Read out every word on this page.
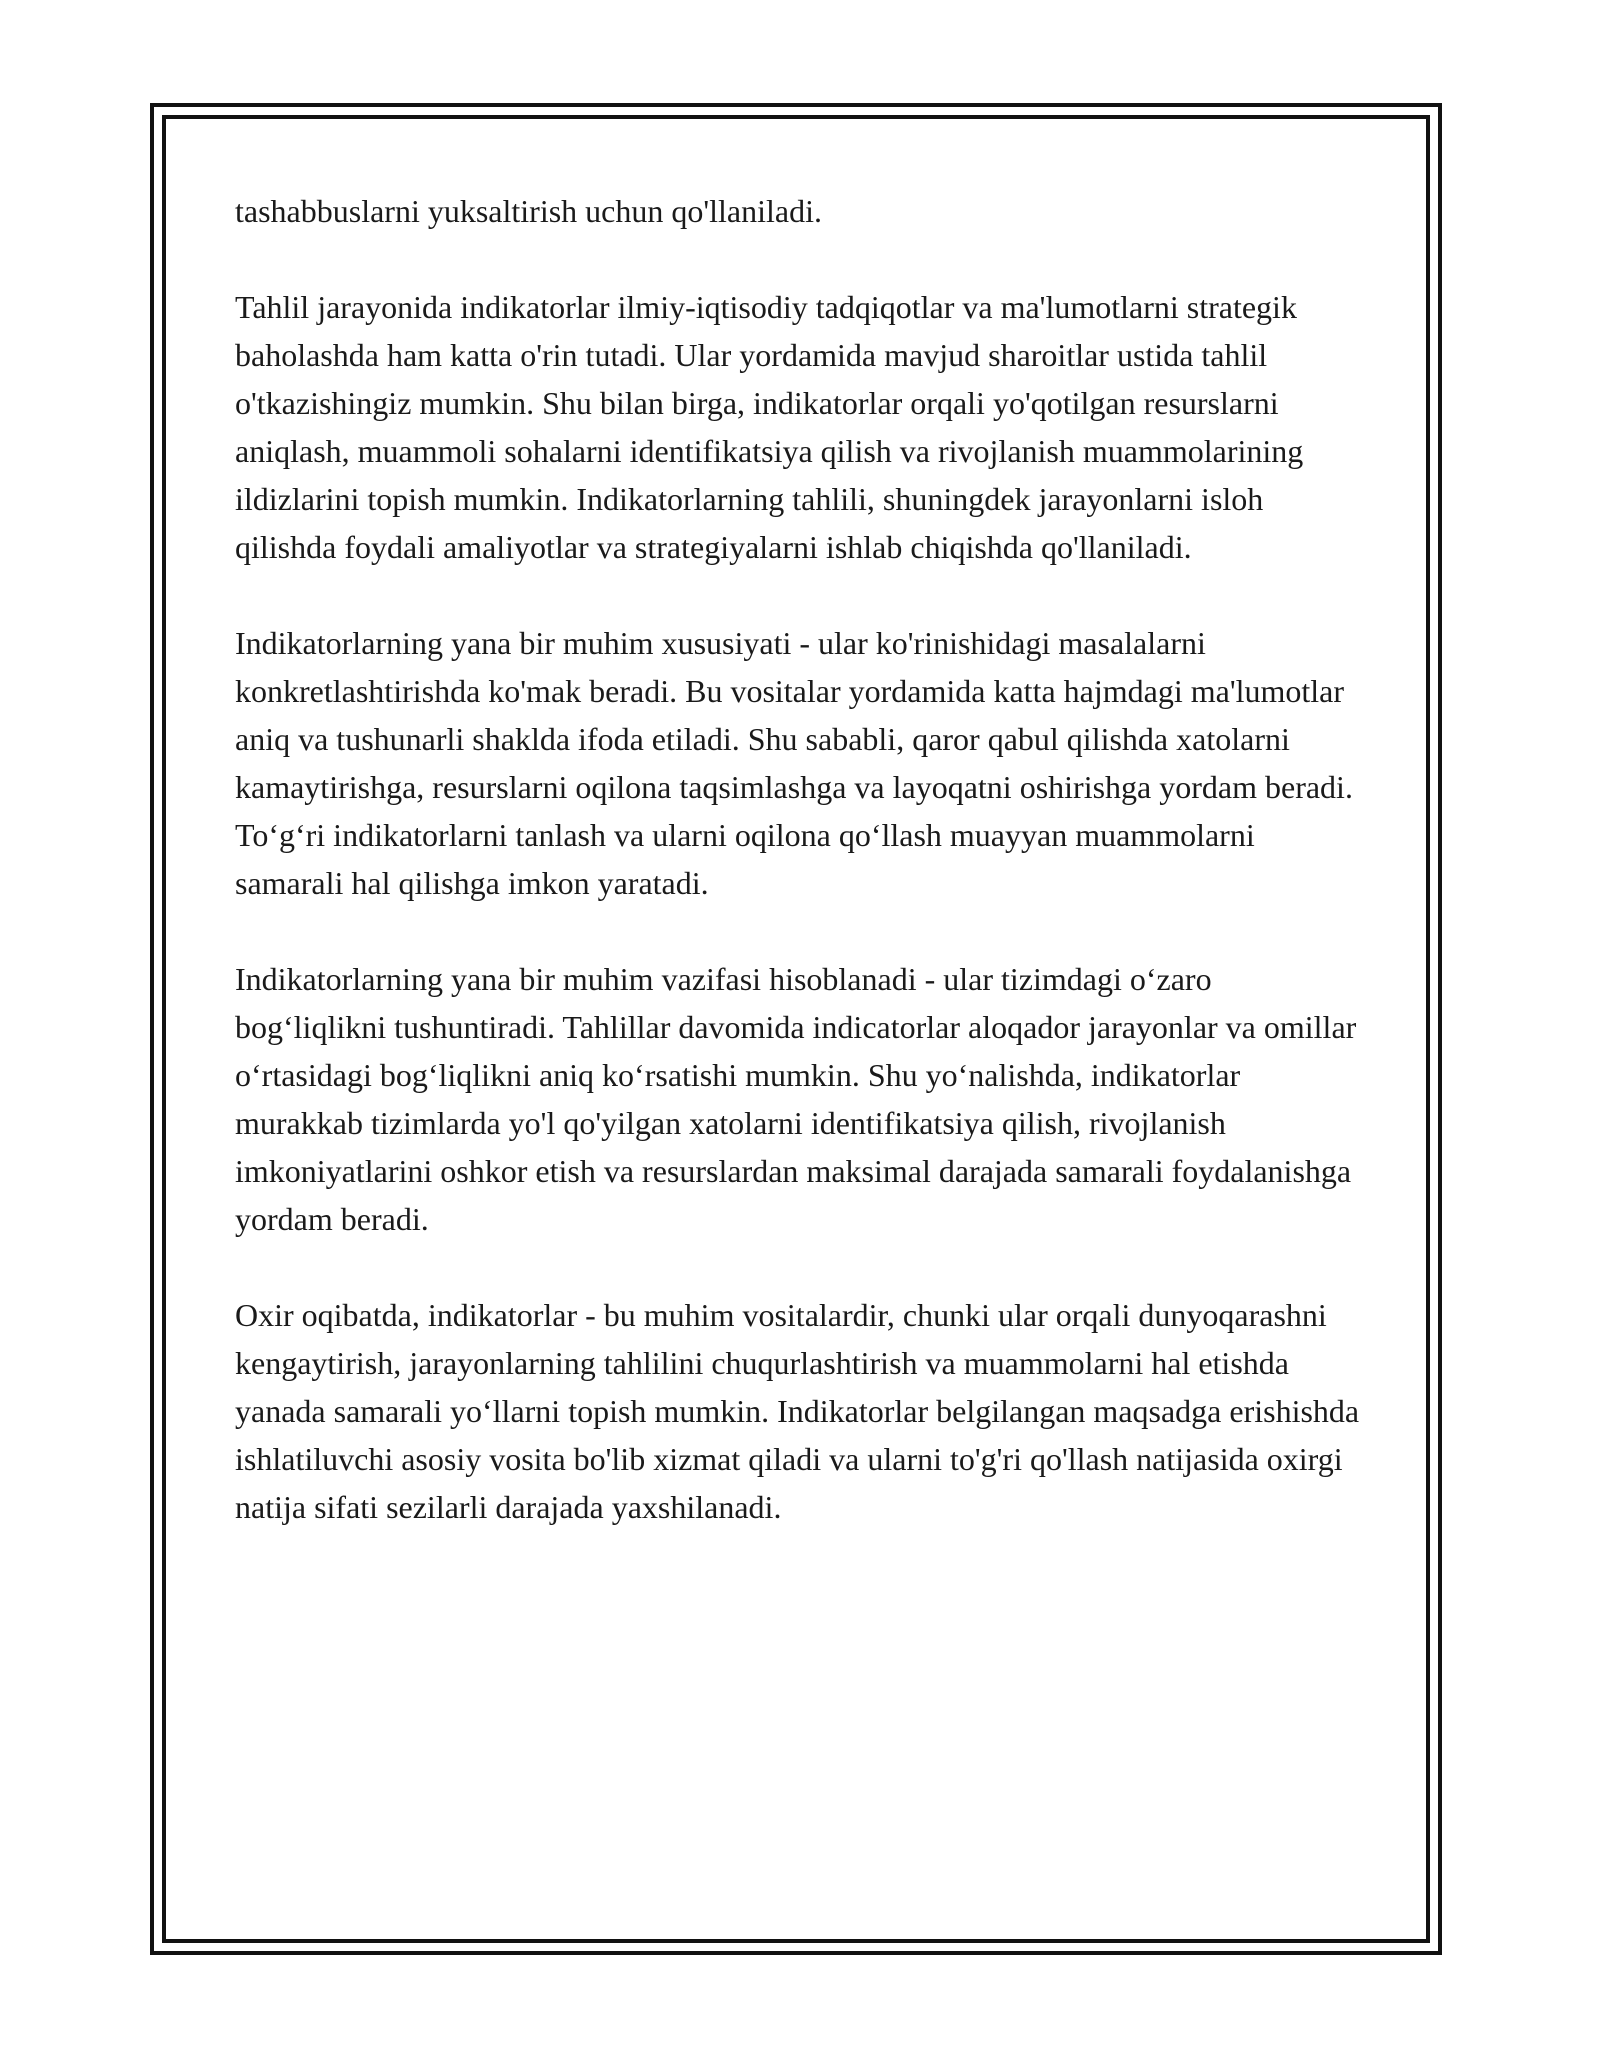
tashabbuslarni yuksaltirish uchun qo'llaniladi.

Tahlil jarayonida indikatorlar ilmiy-iqtisodiy tadqiqotlar va ma'lumotlarni strategik baholashda ham katta o'rin tutadi. Ular yordamida mavjud sharoitlar ustida tahlil o'tkazishingiz mumkin. Shu bilan birga, indikatorlar orqali yo'qotilgan resurslarni aniqlash, muammoli sohalarni identifikatsiya qilish va rivojlanish muammolarining ildizlarini topish mumkin. Indikatorlarning tahlili, shuningdek jarayonlarni isloh qilishda foydali amaliyotlar va strategiyalarni ishlab chiqishda qo'llaniladi.

Indikatorlarning yana bir muhim xususiyati - ular ko'rinishidagi masalalarni konkretlashtirishda ko'mak beradi. Bu vositalar yordamida katta hajmdagi ma'lumotlar aniq va tushunarli shaklda ifoda etiladi. Shu sababli, qaror qabul qilishda xatolarni kamaytirishga, resurslarni oqilona taqsimlashga va layoqatni oshirishga yordam beradi. To‘g‘ri indikatorlarni tanlash va ularni oqilona qo‘llash muayyan muammolarni samarali hal qilishga imkon yaratadi.

Indikatorlarning yana bir muhim vazifasi hisoblanadi - ular tizimdagi o‘zaro bog‘liqlikni tushuntiradi. Tahlillar davomida indicatorlar aloqador jarayonlar va omillar o‘rtasidagi bog‘liqlikni aniq ko‘rsatishi mumkin. Shu yo‘nalishda, indikatorlar murakkab tizimlarda yo'l qo'yilgan xatolarni identifikatsiya qilish, rivojlanish imkoniyatlarini oshkor etish va resurslardan maksimal darajada samarali foydalanishga yordam beradi.

Oxir oqibatda, indikatorlar - bu muhim vositalardir, chunki ular orqali dunyoqarashni kengaytirish, jarayonlarning tahlilini chuqurlashtirish va muammolarni hal etishda yanada samarali yo‘llarni topish mumkin. Indikatorlar belgilangan maqsadga erishishda ishlatiluvchi asosiy vosita bo'lib xizmat qiladi va ularni to'g'ri qo'llash natijasida oxirgi natija sifati sezilarli darajada yaxshilanadi.
